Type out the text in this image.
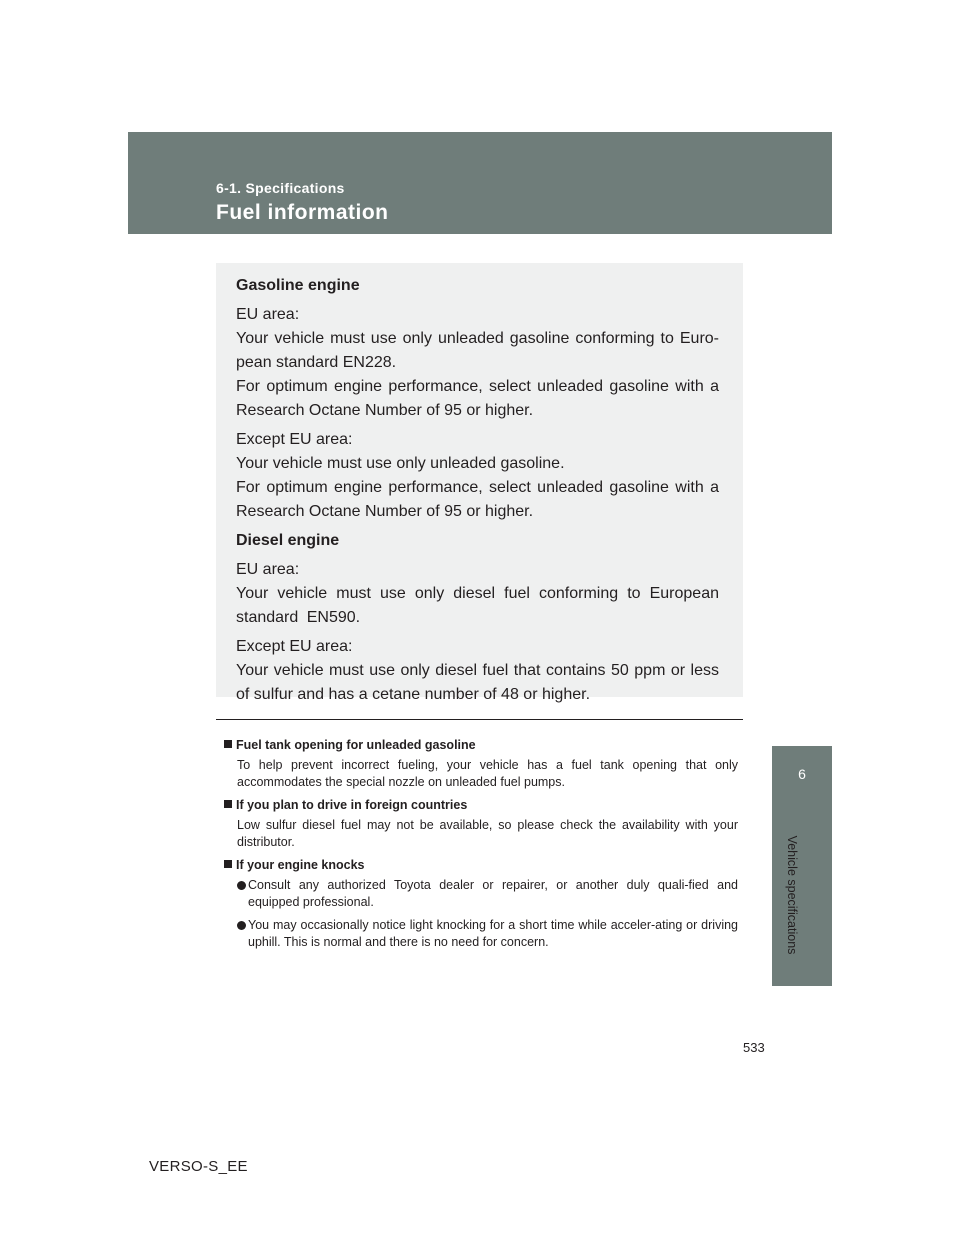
6-1. Specifications
Fuel information
6
Vehicle specifications

Gasoline engine

EU area:

Your vehicle must use only unleaded gasoline conforming to Euro-pean standard EN228.

For optimum engine performance, select unleaded gasoline with a Research Octane Number of 95 or higher.

Except EU area:

Your vehicle must use only unleaded gasoline.

For optimum engine performance, select unleaded gasoline with a Research Octane Number of 95 or higher.

Diesel engine

EU area:

Your vehicle must use only diesel fuel conforming to European standard EN590.

Except EU area:

Your vehicle must use only diesel fuel that contains 50 ppm or less of sulfur and has a cetane number of 48 or higher.

Fuel tank opening for unleaded gasoline

To help prevent incorrect fueling, your vehicle has a fuel tank opening that only accommodates the special nozzle on unleaded fuel pumps.

If you plan to drive in foreign countries

Low sulfur diesel fuel may not be available, so please check the availability with your distributor.

If your engine knocks

Consult any authorized Toyota dealer or repairer, or another duly quali-fied and equipped professional.
You may occasionally notice light knocking for a short time while acceler-ating or driving uphill. This is normal and there is no need for concern.
533
VERSO-S_EE
